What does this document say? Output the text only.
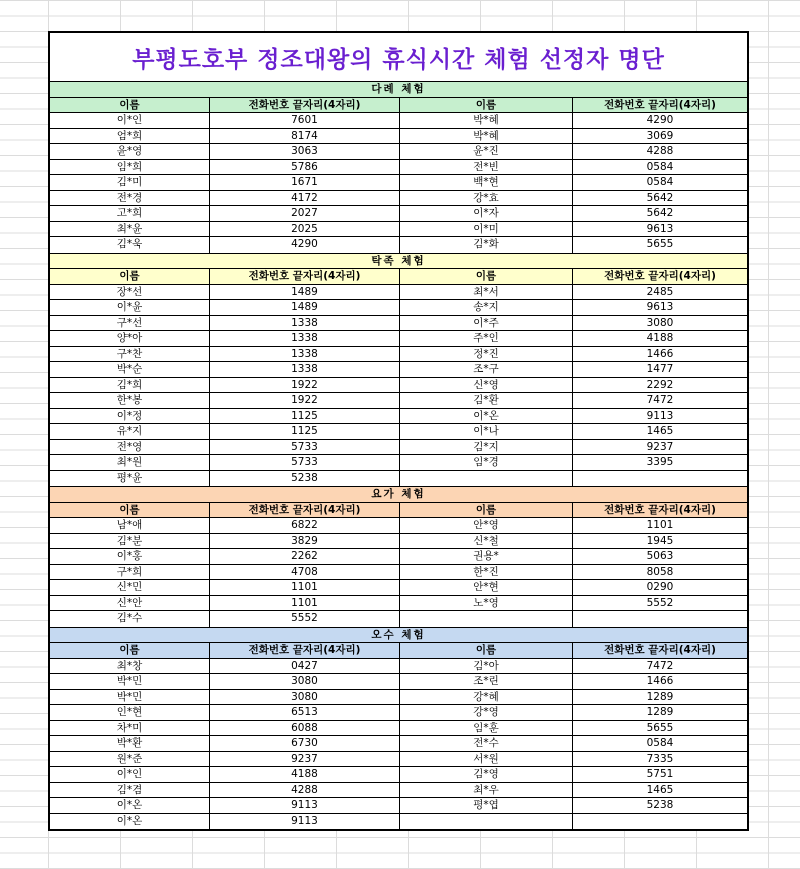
부평도호부 정조대왕의 휴식시간 체험 선정자 명단
다례 체험
이름	전화번호 끝자리(4자리)	이름	전화번호 끝자리(4자리)
이*인	7601	박*혜	4290
엄*희	8174	박*혜	3069
윤*영	3063	윤*진	4288
임*희	5786	전*빈	0584
김*미	1671	백*현	0584
전*경	4172	강*효	5642
고*희	2027	이*자	5642
최*윤	2025	이*미	9613
김*욱	4290	김*화	5655
탁족 체험
이름	전화번호 끝자리(4자리)	이름	전화번호 끝자리(4자리)
장*선	1489	최*서	2485
이*윤	1489	송*지	9613
구*선	1338	이*주	3080
양*아	1338	주*인	4188
구*찬	1338	정*진	1466
박*순	1338	조*구	1477
김*희	1922	신*영	2292
한*봉	1922	김*환	7472
이*정	1125	이*온	9113
유*지	1125	이*나	1465
전*영	5733	김*지	9237
최*원	5733	임*경	3395
평*윤	5238
요가 체험
이름	전화번호 끝자리(4자리)	이름	전화번호 끝자리(4자리)
남*애	6822	안*영	1101
김*분	3829	신*철	1945
이*홍	2262	권용*	5063
구*희	4708	한*진	8058
신*민	1101	안*현	0290
신*안	1101	노*영	5552
김*수	5552
오수 체험
이름	전화번호 끝자리(4자리)	이름	전화번호 끝자리(4자리)
최*창	0427	김*아	7472
박*민	3080	조*린	1466
박*민	3080	강*혜	1289
인*현	6513	강*영	1289
차*미	6088	임*훈	5655
박*환	6730	전*수	0584
원*준	9237	서*원	7335
이*인	4188	김*영	5751
김*겸	4288	최*우	1465
이*온	9113	평*엽	5238
이*온	9113
